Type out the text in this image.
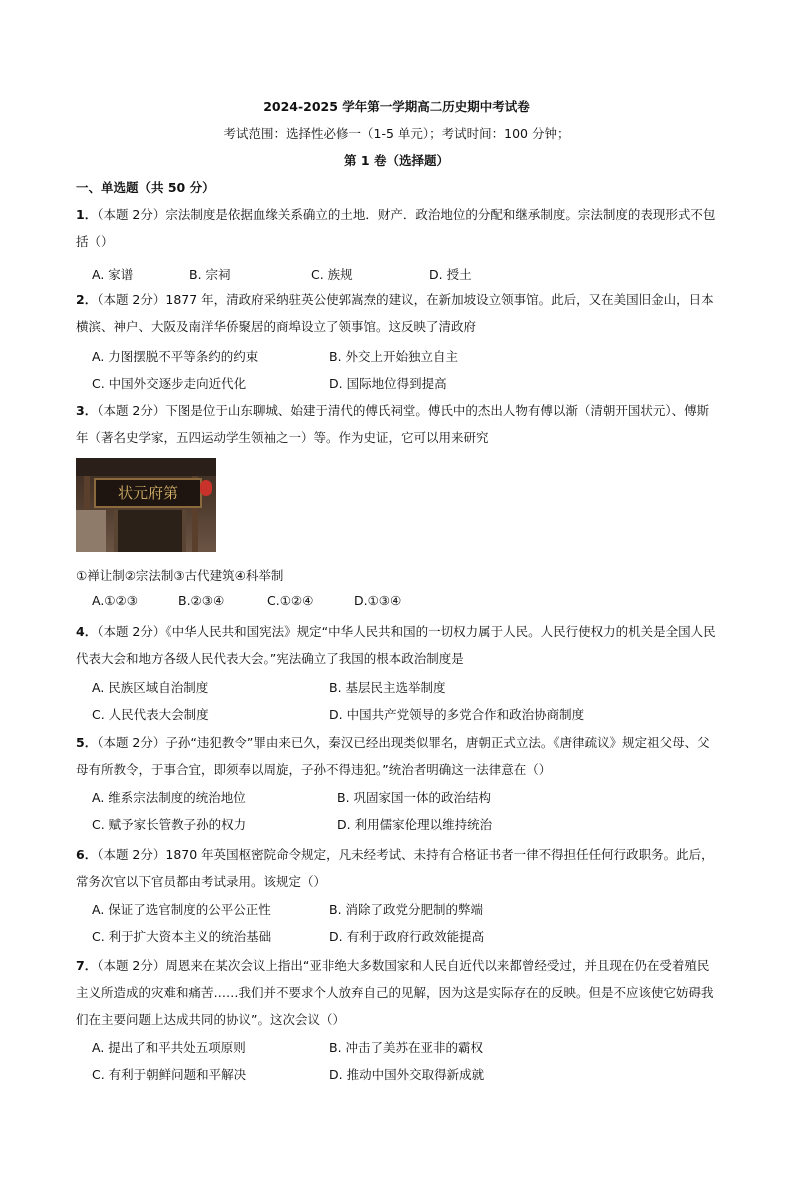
2024-2025 学年第一学期高二历史期中考试卷
考试范围：选择性必修一（1-5 单元）；考试时间：100 分钟；
第 1 卷（选择题）
一、单选题（共 50 分）
1．（本题 2分）宗法制度是依据血缘关系确立的土地．财产．政治地位的分配和继承制度。宗法制度的表现形式不包括（）
A. 家谱	B. 宗祠	C. 族规	D. 授土
2．（本题 2分）1877 年，清政府采纳驻英公使郭嵩焘的建议，在新加坡设立领事馆。此后，又在美国旧金山，日本横滨、神户、大阪及南洋华侨聚居的商埠设立了领事馆。这反映了清政府
A. 力图摆脱不平等条约的约束	B. 外交上开始独立自主
C. 中国外交逐步走向近代化	D. 国际地位得到提高
3．（本题 2分）下图是位于山东聊城、始建于清代的傅氏祠堂。傅氏中的杰出人物有傅以渐（清朝开国状元）、傅斯年（著名史学家，五四运动学生领袖之一）等。作为史证，它可以用来研究
状元府第
①禅让制②宗法制③古代建筑④科举制
A.①②③	B.②③④	C.①②④	D.①③④
4．（本题 2分）《中华人民共和国宪法》规定“中华人民共和国的一切权力属于人民。人民行使权力的机关是全国人民代表大会和地方各级人民代表大会。”宪法确立了我国的根本政治制度是
A. 民族区域自治制度	B. 基层民主选举制度
C. 人民代表大会制度	D. 中国共产党领导的多党合作和政治协商制度
5．（本题 2分）子孙“违犯教令”罪由来已久，秦汉已经出现类似罪名，唐朝正式立法。《唐律疏议》规定祖父母、父母有所教令，于事合宜，即须奉以周旋，子孙不得违犯。”统治者明确这一法律意在（）
A. 维系宗法制度的统治地位	B. 巩固家国一体的政治结构
C. 赋予家长管教子孙的权力	D. 利用儒家伦理以维持统治
6．（本题 2分）1870 年英国枢密院命令规定，凡未经考试、未持有合格证书者一律不得担任任何行政职务。此后，常务次官以下官员都由考试录用。该规定（）
A. 保证了选官制度的公平公正性	B. 消除了政党分肥制的弊端
C. 利于扩大资本主义的统治基础	D. 有利于政府行政效能提高
7．（本题 2分）周恩来在某次会议上指出“亚非绝大多数国家和人民自近代以来都曾经受过，并且现在仍在受着殖民主义所造成的灾难和痛苦……我们并不要求个人放弃自己的见解，因为这是实际存在的反映。但是不应该使它妨碍我们在主要问题上达成共同的协议”。这次会议（）
A. 提出了和平共处五项原则	B. 冲击了美苏在亚非的霸权
C. 有利于朝鲜问题和平解决	D. 推动中国外交取得新成就
